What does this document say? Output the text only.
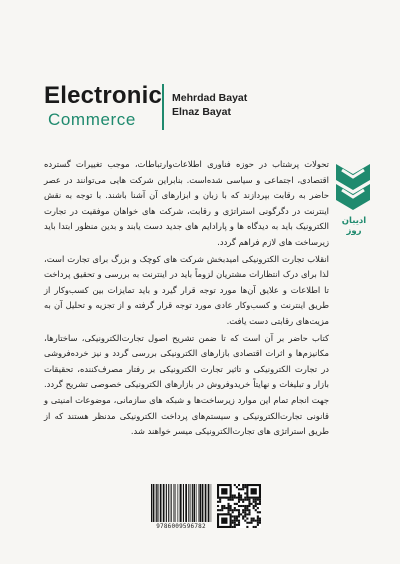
Electronic
Commerce
Mehrdad Bayat
Elnaz Bayat
ادیبان روز

تحولات پرشتاب در حوزه فناوری اطلاعات‌وارتباطات، موجب تغییرات گسترده اقتصادی، اجتماعی و سیاسی شده‌است. بنابراین شرکت هایی می‌توانند در عصر حاضر به رقابت بپردازند که با زبان و ابزارهای آن آشنا باشند. با توجه به نقش اینترنت در دگرگونی استراتژی و رقابت، شرکت های خواهان موفقیت در تجارت الکترونیک باید به دیدگاه ها و پارادایم های جدید دست یابند و بدین منظور ابتدا باید زیرساخت های لازم فراهم گردد.

انقلاب تجارت الکترونیکی امیدبخش شرکت های کوچک و بزرگ برای تجارت است، لذا برای درک انتظارات مشتریان لزوماً باید در اینترنت به بررسی و تحقیق پرداخت تا اطلاعات و علایق آن‌ها مورد توجه قرار گیرد و باید تمایزات بین کسب‌وکار از طریق اینترنت و کسب‌وکار عادی مورد توجه قرار گرفته و از تجزیه و تحلیل آن به مزیت‌های رقابتی دست یافت.

کتاب حاضر بر آن است که تا ضمن تشریح اصول تجارت‌الکترونیکی، ساختارها، مکانیزم‌ها و اثرات اقتصادی بازارهای الکترونیکی بررسی گردد و نیز خرده‌فروشی در تجارت الکترونیکی و تاثیر تجارت الکترونیکی بر رفتار مصرف‌کننده، تحقیقات بازار و تبلیغات و نهایتاً خریدوفروش در بازارهای الکترونیکی خصوصی تشریح گردد. جهت انجام تمام این موارد زیرساخت‌ها و شبکه های سازمانی، موضوعات امنیتی و قانونی تجارت‌الکترونیکی و سیستم‌های پرداخت الکترونیکی مدنظر هستند که از طریق استراتژی های تجارت‌الکترونیکی میسر خواهند شد.

9786009596782
